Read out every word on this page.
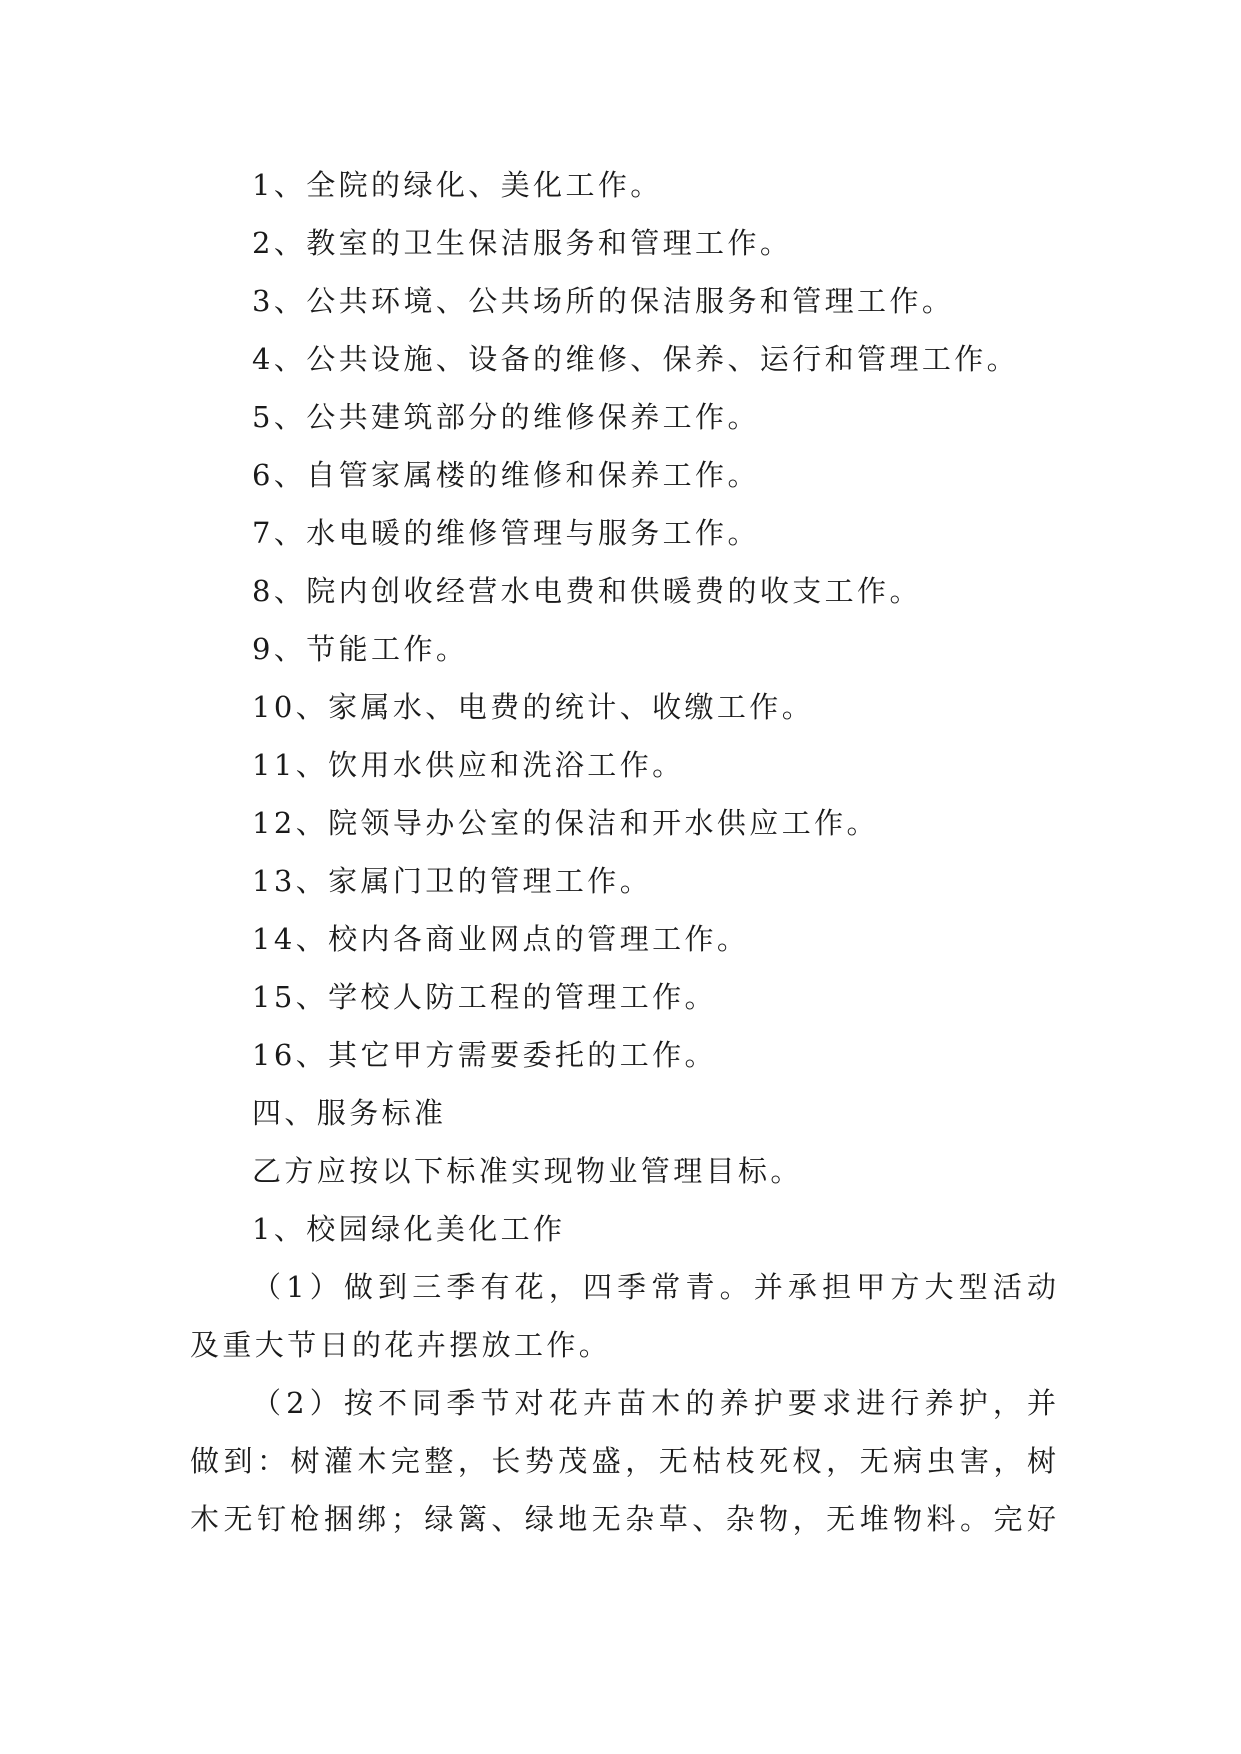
1、全院的绿化、美化工作。

2、教室的卫生保洁服务和管理工作。

3、公共环境、公共场所的保洁服务和管理工作。

4、公共设施、设备的维修、保养、运行和管理工作。

5、公共建筑部分的维修保养工作。

6、自管家属楼的维修和保养工作。

7、水电暖的维修管理与服务工作。

8、院内创收经营水电费和供暖费的收支工作。

9、节能工作。

10、家属水、电费的统计、收缴工作。

11、饮用水供应和洗浴工作。

12、院领导办公室的保洁和开水供应工作。

13、家属门卫的管理工作。

14、校内各商业网点的管理工作。

15、学校人防工程的管理工作。

16、其它甲方需要委托的工作。

四、服务标准

乙方应按以下标准实现物业管理目标。

1、校园绿化美化工作

（1）做到三季有花，四季常青。并承担甲方大型活动

及重大节日的花卉摆放工作。

（2）按不同季节对花卉苗木的养护要求进行养护，并

做到：树灌木完整，长势茂盛，无枯枝死杈，无病虫害，树

木无钉枪捆绑；绿篱、绿地无杂草、杂物，无堆物料。完好
